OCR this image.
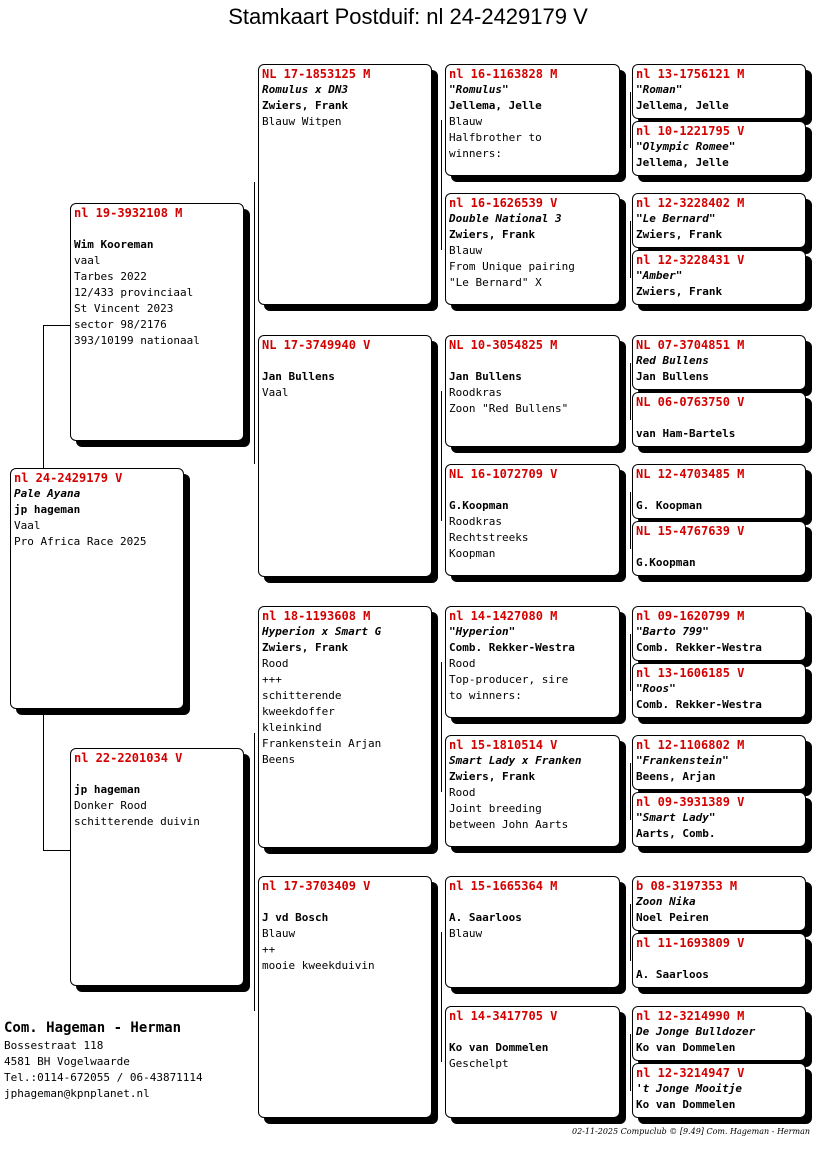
Stamkaart Postduif: nl 24-2429179 V
nl 24-2429179 V
Pale Ayana
jp hageman
Vaal
Pro Africa Race 2025
nl 19-3932108 M
Wim Kooreman
vaal
Tarbes 2022
12/433 provinciaal
St Vincent 2023
sector 98/2176
393/10199 nationaal
nl 22-2201034 V
jp hageman
Donker Rood
schitterende duivin
NL 17-1853125 M
Romulus x DN3
Zwiers, Frank
Blauw Witpen
NL 17-3749940 V
Jan Bullens
Vaal
nl 18-1193608 M
Hyperion x Smart G
Zwiers, Frank
Rood
+++
schitterende
kweekdoffer
kleinkind
Frankenstein Arjan
Beens
nl 17-3703409 V
J vd Bosch
Blauw
++
mooie kweekduivin
nl 16-1163828 M
"Romulus"
Jellema, Jelle
Blauw
Halfbrother to
winners:
nl 16-1626539 V
Double National 3
Zwiers, Frank
Blauw
From Unique pairing
"Le Bernard" X
NL 10-3054825 M
Jan Bullens
Roodkras
Zoon "Red Bullens"
NL 16-1072709 V
G.Koopman
Roodkras
Rechtstreeks
Koopman
nl 14-1427080 M
"Hyperion"
Comb. Rekker-Westra
Rood
Top-producer, sire
to winners:
nl 15-1810514 V
Smart Lady x Franken
Zwiers, Frank
Rood
Joint breeding
between John Aarts
nl 15-1665364 M
A. Saarloos
Blauw
nl 14-3417705 V
Ko van Dommelen
Geschelpt
nl 13-1756121 M
"Roman"
Jellema, Jelle
nl 10-1221795 V
"Olympic Romee"
Jellema, Jelle
nl 12-3228402 M
"Le Bernard"
Zwiers, Frank
nl 12-3228431 V
"Amber"
Zwiers, Frank
NL 07-3704851 M
Red Bullens
Jan Bullens
NL 06-0763750 V
van Ham-Bartels
NL 12-4703485 M
G. Koopman
NL 15-4767639 V
G.Koopman
nl 09-1620799 M
"Barto 799"
Comb. Rekker-Westra
nl 13-1606185 V
"Roos"
Comb. Rekker-Westra
nl 12-1106802 M
"Frankenstein"
Beens, Arjan
nl 09-3931389 V
"Smart Lady"
Aarts, Comb.
b 08-3197353 M
Zoon Nika
Noel Peiren
nl 11-1693809 V
A. Saarloos
nl 12-3214990 M
De Jonge Bulldozer
Ko van Dommelen
nl 12-3214947 V
't Jonge Mooitje
Ko van Dommelen
Com. Hageman - Herman
Bossestraat 118
4581 BH Vogelwaarde
Tel.:0114-672055 / 06-43871114
jphageman@kpnplanet.nl
02-11-2025 Compuclub © [9.49] Com. Hageman - Herman
